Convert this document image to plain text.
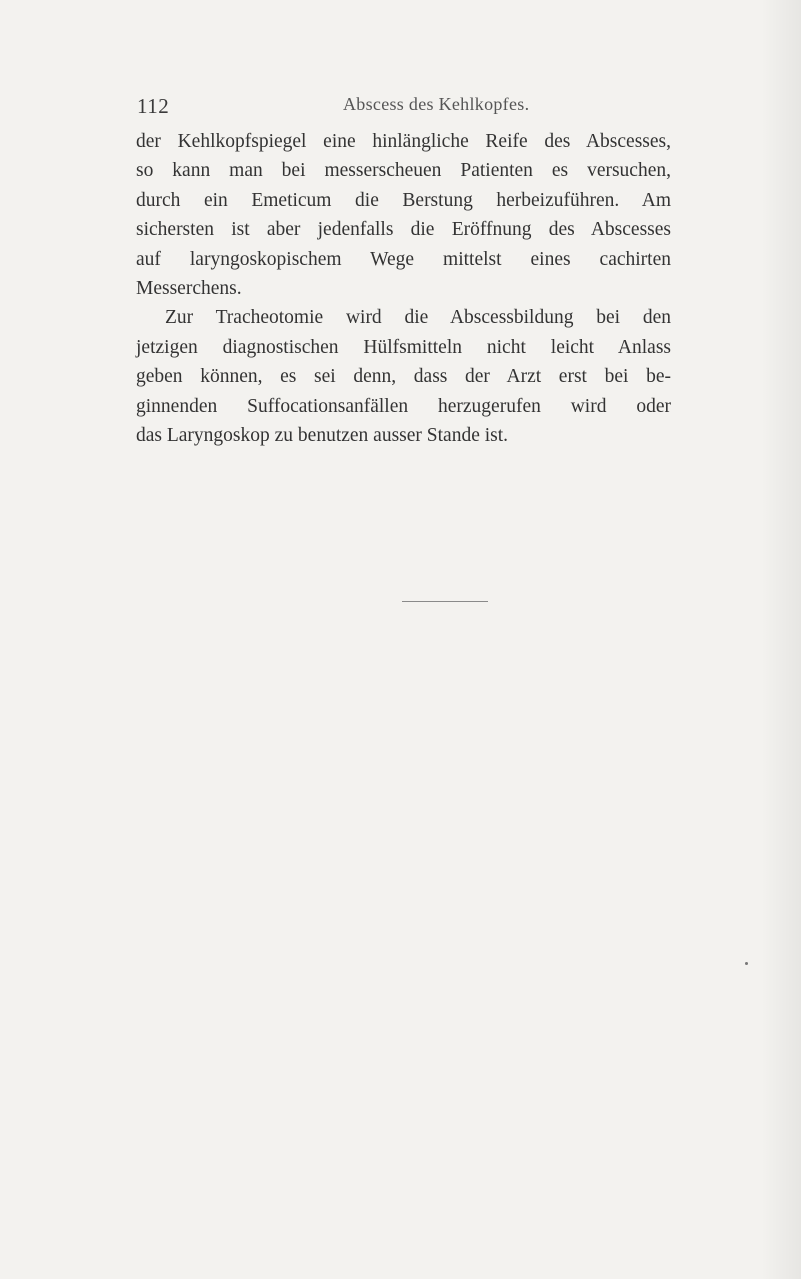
112	Abscess des Kehlkopfes.
der Kehlkopfspiegel eine hinlängliche Reife des Abscesses,
so kann man bei messerscheuen Patienten es versuchen,
durch ein Emeticum die Berstung herbeizuführen. Am
sichersten ist aber jedenfalls die Eröffnung des Abscesses
auf laryngoskopischem Wege mittelst eines cachirten
Messerchens.
Zur Tracheotomie wird die Abscessbildung bei den
jetzigen diagnostischen Hülfsmitteln nicht leicht Anlass
geben können, es sei denn, dass der Arzt erst bei be-
ginnenden Suffocationsanfällen herzugerufen wird oder
das Laryngoskop zu benutzen ausser Stande ist.
